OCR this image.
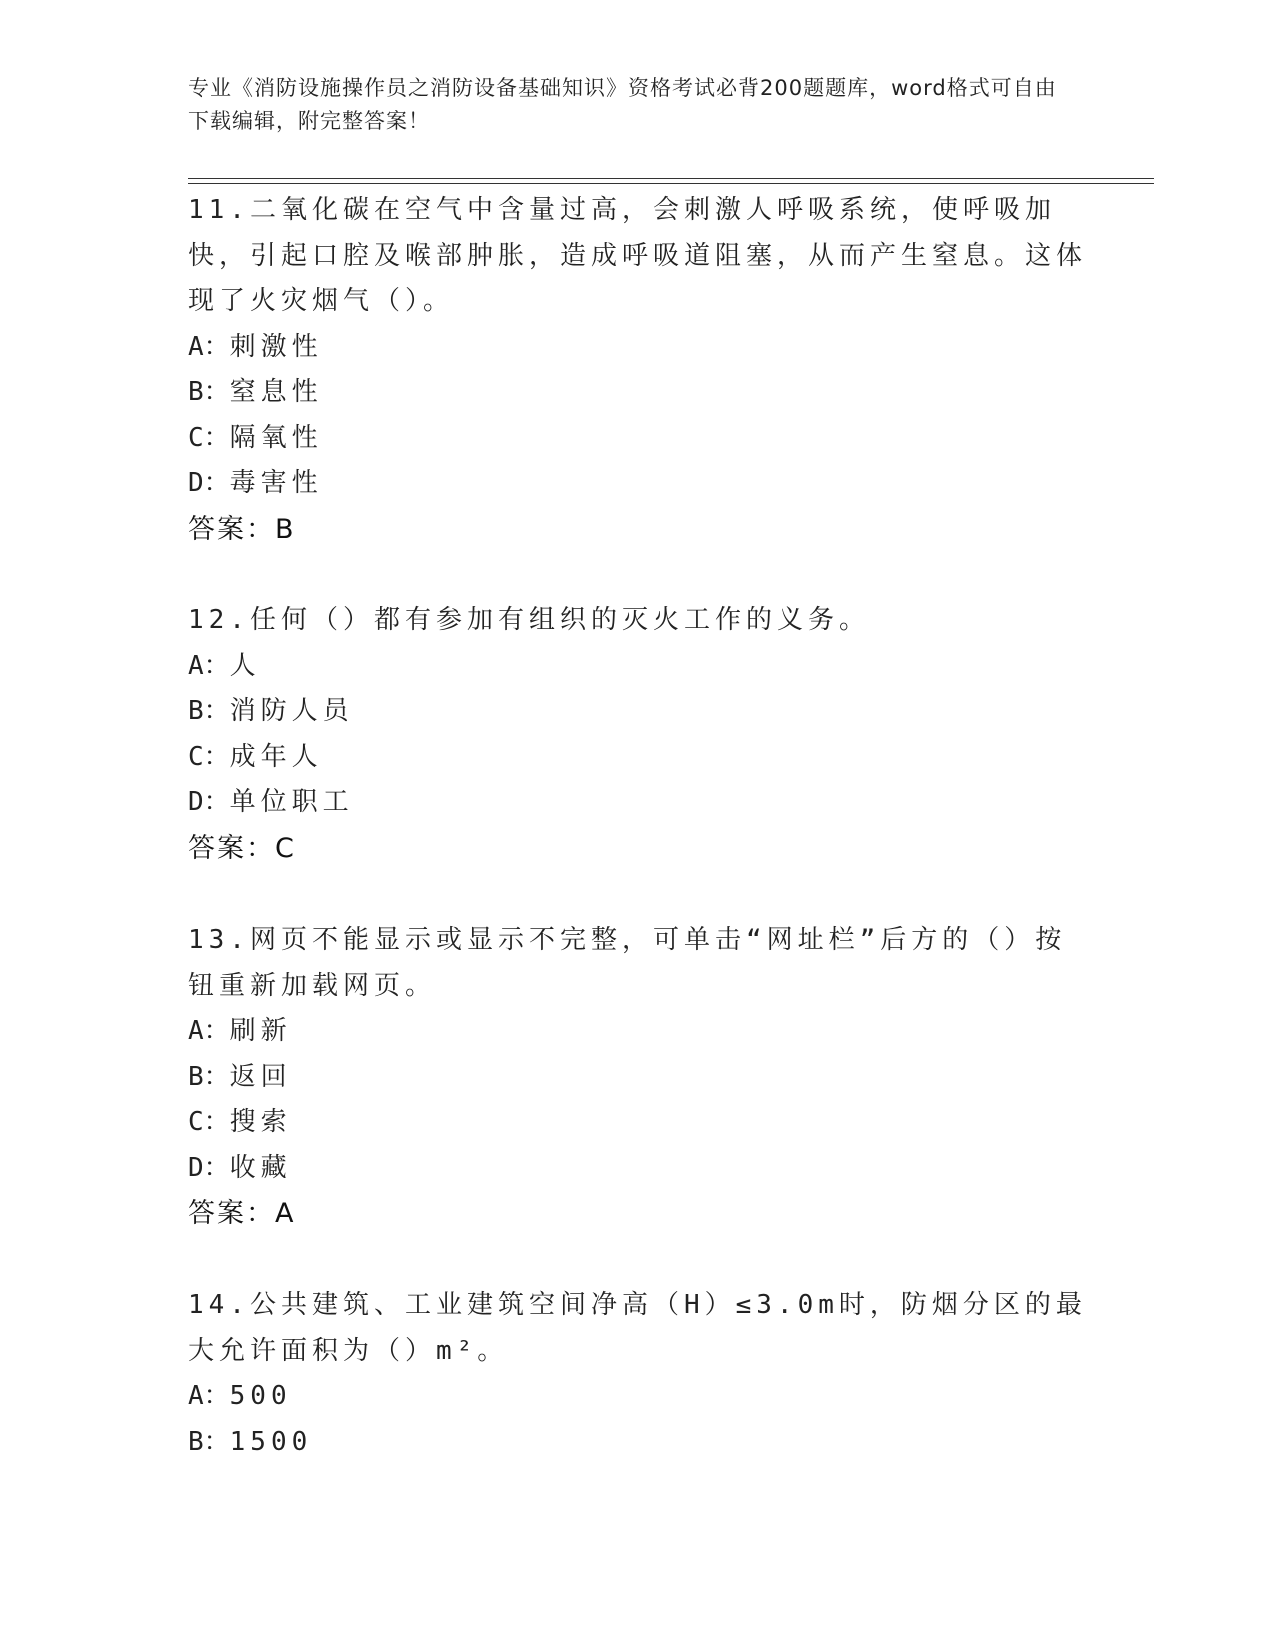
专业《消防设施操作员之消防设备基础知识》资格考试必背200题题库，word格式可自由下载编辑，附完整答案！
11.二氧化碳在空气中含量过高，会刺激人呼吸系统，使呼吸加快，引起口腔及喉部肿胀，造成呼吸道阻塞，从而产生窒息。这体现了火灾烟气（）。
A：刺激性
B：窒息性
C：隔氧性
D：毒害性
答案：B
12.任何（）都有参加有组织的灭火工作的义务。
A：人
B：消防人员
C：成年人
D：单位职工
答案：C
13.网页不能显示或显示不完整，可单击“网址栏”后方的（）按钮重新加载网页。
A：刷新
B：返回
C：搜索
D：收藏
答案：A
14.公共建筑、工业建筑空间净高（H）≤3.0m时，防烟分区的最大允许面积为（）m²。
A：500
B：1500
